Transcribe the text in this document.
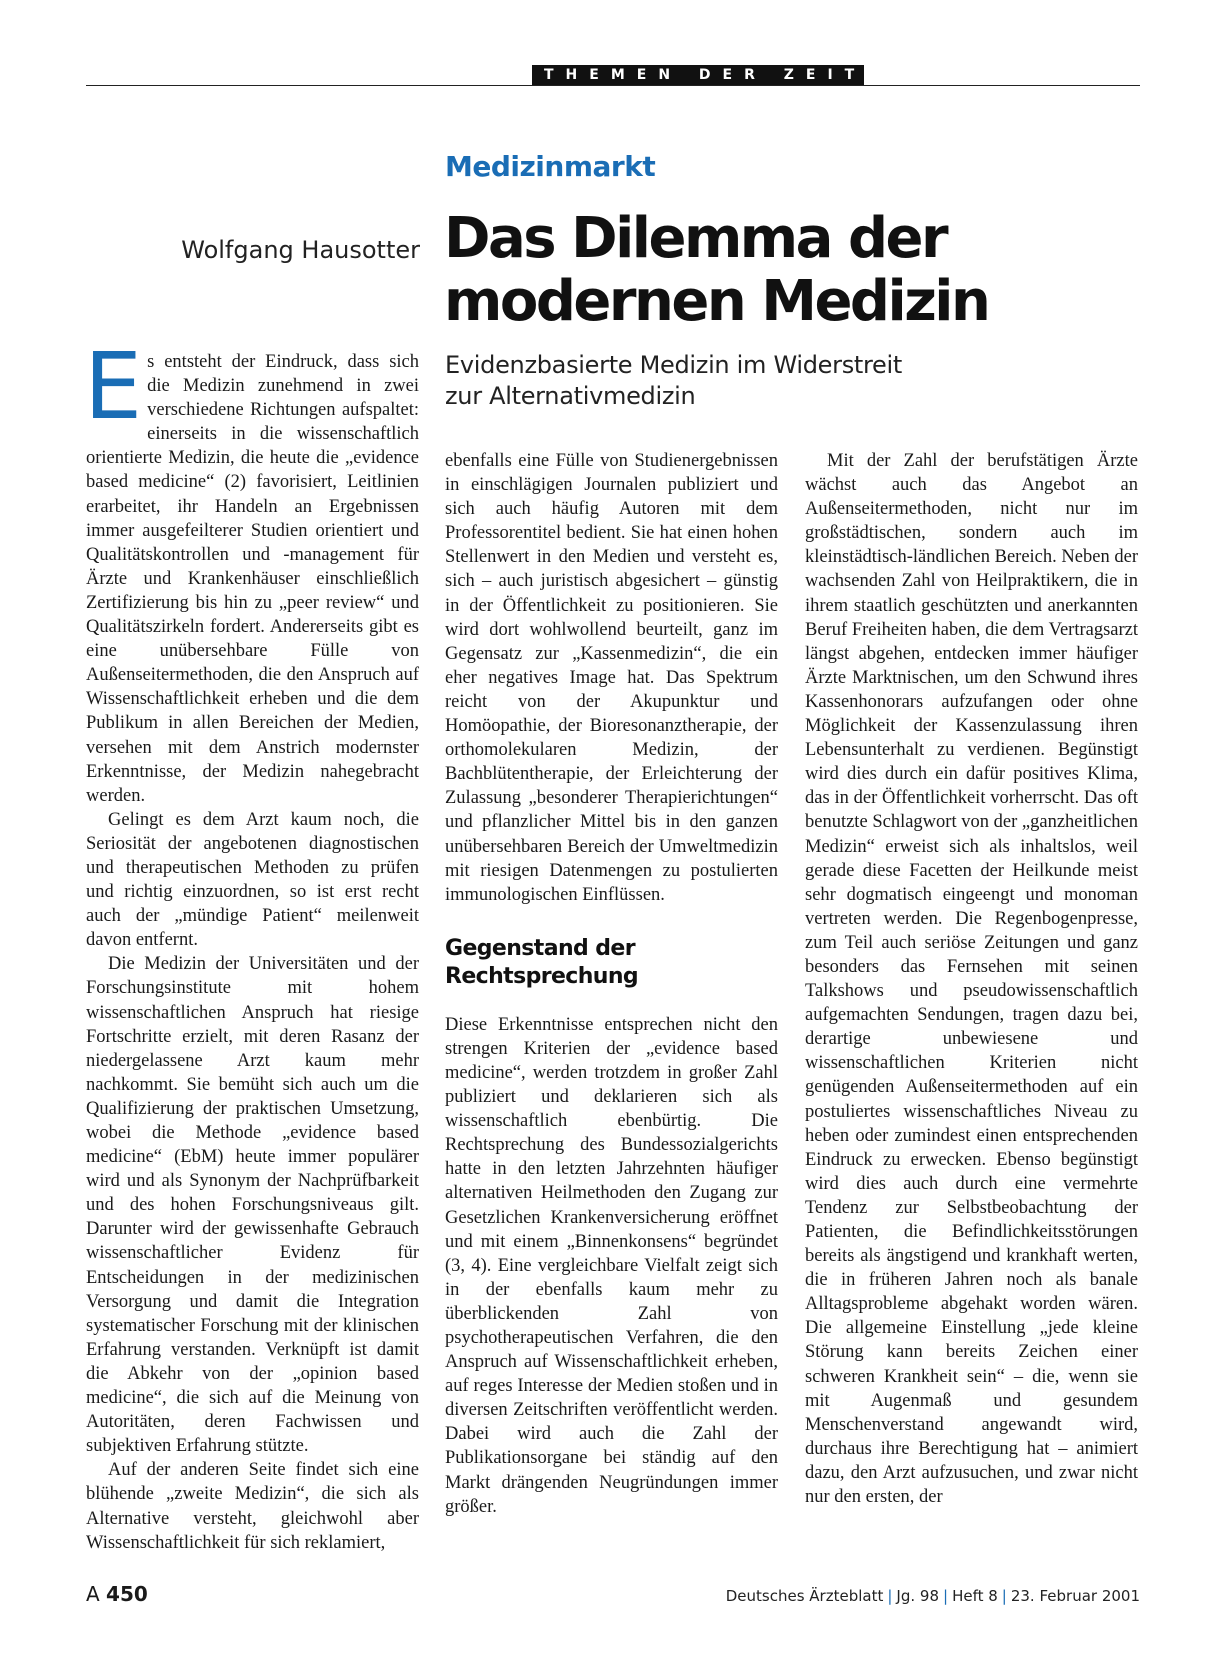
THEMEN DER ZEIT
Medizinmarkt
Wolfgang Hausotter Das Dilemma der
modernen Medizin
Evidenzbasierte Medizin im Widerstreit
zur Alternativmedizin

Es entsteht der Eindruck, dass sich die Medizin zunehmend in zwei verschiedene Richtungen aufspaltet: einerseits in die wissenschaftlich orientierte Medizin, die heute die „evidence based medicine“ (2) favorisiert, Leitlinien erarbeitet, ihr Handeln an Ergebnissen immer ausgefeilterer Studien orientiert und Qualitätskontrollen und -management für Ärzte und Krankenhäuser einschließlich Zertifizierung bis hin zu „peer review“ und Qualitätszirkeln fordert. Andererseits gibt es eine unübersehbare Fülle von Außenseitermethoden, die den Anspruch auf Wissenschaftlichkeit erheben und die dem Publikum in allen Bereichen der Medien, versehen mit dem Anstrich modernster Erkenntnisse, der Medizin nahegebracht werden.

Gelingt es dem Arzt kaum noch, die Seriosität der angebotenen diagnostischen und therapeutischen Methoden zu prüfen und richtig einzuordnen, so ist erst recht auch der „mündige Patient“ meilenweit davon entfernt.

Die Medizin der Universitäten und der Forschungsinstitute mit hohem wissenschaftlichen Anspruch hat riesige Fortschritte erzielt, mit deren Rasanz der niedergelassene Arzt kaum mehr nachkommt. Sie bemüht sich auch um die Qualifizierung der praktischen Umsetzung, wobei die Methode „evidence based medicine“ (EbM) heute immer populärer wird und als Synonym der Nachprüfbarkeit und des hohen Forschungsniveaus gilt. Darunter wird der gewissenhafte Gebrauch wissenschaftlicher Evidenz für Entscheidungen in der medizinischen Versorgung und damit die Integration systematischer Forschung mit der klinischen Erfahrung verstanden. Verknüpft ist damit die Abkehr von der „opinion based medicine“, die sich auf die Meinung von Autoritäten, deren Fachwissen und subjektiven Erfahrung stützte.

Auf der anderen Seite findet sich eine blühende „zweite Medizin“, die sich als Alternative versteht, gleichwohl aber Wissenschaftlichkeit für sich reklamiert,

ebenfalls eine Fülle von Studienergebnissen in einschlägigen Journalen publiziert und sich auch häufig Autoren mit dem Professorentitel bedient. Sie hat einen hohen Stellenwert in den Medien und versteht es, sich – auch juristisch abgesichert – günstig in der Öffentlichkeit zu positionieren. Sie wird dort wohlwollend beurteilt, ganz im Gegensatz zur „Kassenmedizin“, die ein eher negatives Image hat. Das Spektrum reicht von der Akupunktur und Homöopathie, der Bioresonanztherapie, der orthomolekularen Medizin, der Bachblütentherapie, der Erleichterung der Zulassung „besonderer Therapierichtungen“ und pflanzlicher Mittel bis in den ganzen unübersehbaren Bereich der Umweltmedizin mit riesigen Datenmengen zu postulierten immunologischen Einflüssen.

Gegenstand der
Rechtsprechung

Diese Erkenntnisse entsprechen nicht den strengen Kriterien der „evidence based medicine“, werden trotzdem in großer Zahl publiziert und deklarieren sich als wissenschaftlich ebenbürtig. Die Rechtsprechung des Bundessozialgerichts hatte in den letzten Jahrzehnten häufiger alternativen Heilmethoden den Zugang zur Gesetzlichen Krankenversicherung eröffnet und mit einem „Binnenkonsens“ begründet (3, 4). Eine vergleichbare Vielfalt zeigt sich in der ebenfalls kaum mehr zu überblickenden Zahl von psychotherapeutischen Verfahren, die den Anspruch auf Wissenschaftlichkeit erheben, auf reges Interesse der Medien stoßen und in diversen Zeitschriften veröffentlicht werden. Dabei wird auch die Zahl der Publikationsorgane bei ständig auf den Markt drängenden Neugründungen immer größer.

Mit der Zahl der berufstätigen Ärzte wächst auch das Angebot an Außenseitermethoden, nicht nur im großstädtischen, sondern auch im kleinstädtisch-ländlichen Bereich. Neben der wachsenden Zahl von Heilpraktikern, die in ihrem staatlich geschützten und anerkannten Beruf Freiheiten haben, die dem Vertragsarzt längst abgehen, entdecken immer häufiger Ärzte Marktnischen, um den Schwund ihres Kassenhonorars aufzufangen oder ohne Möglichkeit der Kassenzulassung ihren Lebensunterhalt zu verdienen. Begünstigt wird dies durch ein dafür positives Klima, das in der Öffentlichkeit vorherrscht. Das oft benutzte Schlagwort von der „ganzheitlichen Medizin“ erweist sich als inhaltslos, weil gerade diese Facetten der Heilkunde meist sehr dogmatisch eingeengt und monoman vertreten werden. Die Regenbogenpresse, zum Teil auch seriöse Zeitungen und ganz besonders das Fernsehen mit seinen Talkshows und pseudowissenschaftlich aufgemachten Sendungen, tragen dazu bei, derartige unbewiesene und wissenschaftlichen Kriterien nicht genügenden Außenseitermethoden auf ein postuliertes wissenschaftliches Niveau zu heben oder zumindest einen entsprechenden Eindruck zu erwecken. Ebenso begünstigt wird dies auch durch eine vermehrte Tendenz zur Selbstbeobachtung der Patienten, die Befindlichkeitsstörungen bereits als ängstigend und krankhaft werten, die in früheren Jahren noch als banale Alltagsprobleme abgehakt worden wären. Die allgemeine Einstellung „jede kleine Störung kann bereits Zeichen einer schweren Krankheit sein“ – die, wenn sie mit Augenmaß und gesundem Menschenverstand angewandt wird, durchaus ihre Berechtigung hat – animiert dazu, den Arzt aufzusuchen, und zwar nicht nur den ersten, der

A 450	Deutsches Ärzteblatt | Jg. 98 | Heft 8 | 23. Februar 2001
